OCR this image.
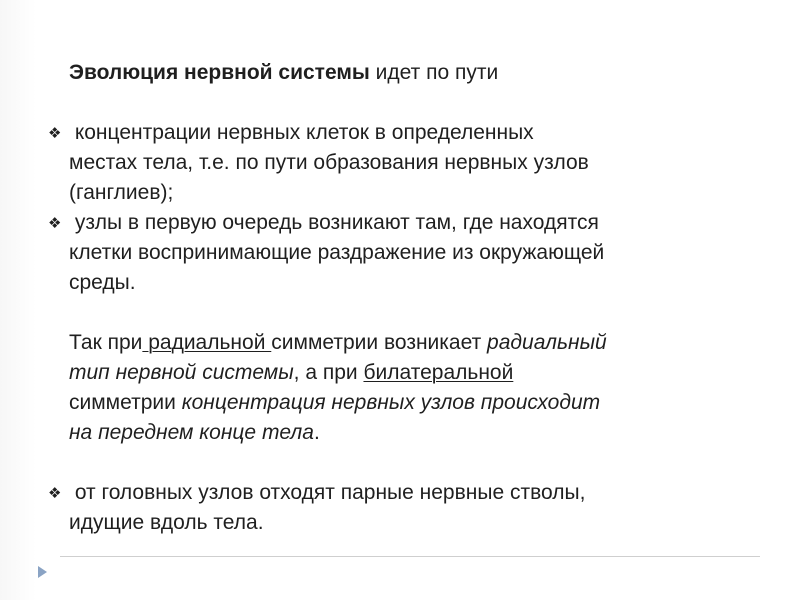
Эволюция нервной системы идет по пути
❖ концентрации нервных клеток в определенных
местах тела, т.е. по пути образования нервных узлов
(ганглиев);
❖ узлы в первую очередь возникают там, где находятся
клетки воспринимающие раздражение из окружающей
среды.
Так при радиальной симметрии возникает радиальный
тип нервной системы, а при билатеральной
симметрии концентрация нервных узлов происходит
на переднем конце тела.
❖ от головных узлов отходят парные нервные стволы,
идущие вдоль тела.
